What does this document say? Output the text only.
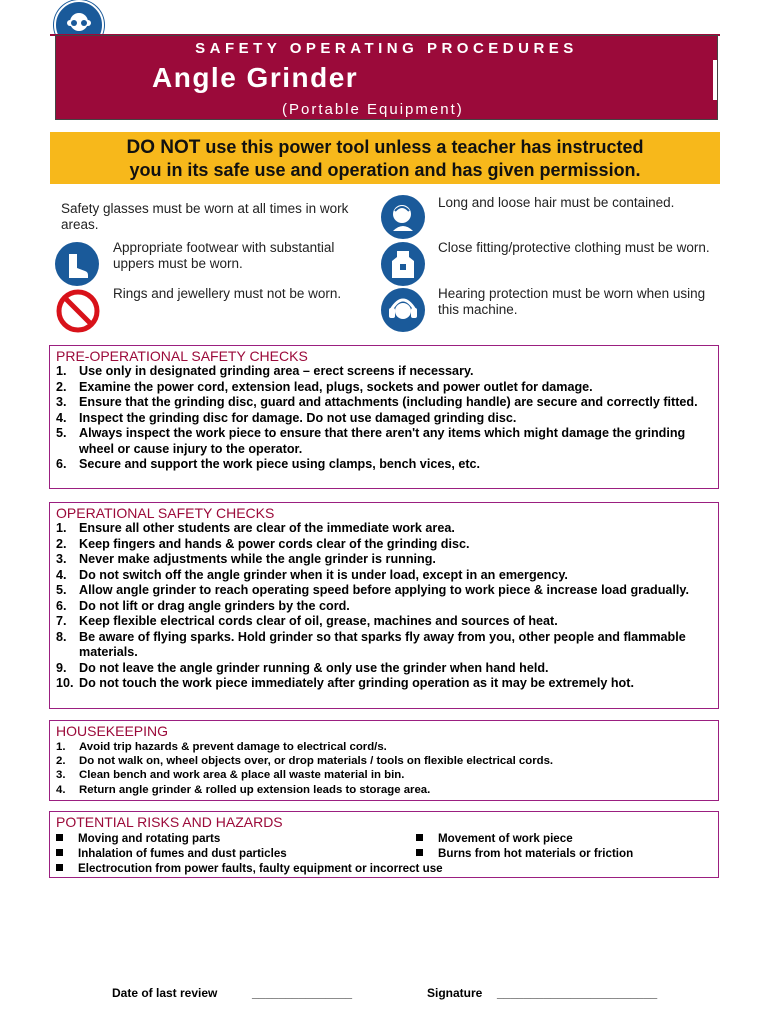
SAFETY OPERATING PROCEDURES
Angle Grinder
(Portable Equipment)
DO NOT use this power tool unless a teacher has instructed
you in its safe use and operation and has given permission.
Safety glasses must be worn at all times in work areas.
Appropriate footwear with substantial uppers must be worn.
Rings and jewellery must not be worn.
Long and loose hair must be contained.
Close fitting/protective clothing must be worn.
Hearing protection must be worn when using this machine.
PRE-OPERATIONAL SAFETY CHECKS
1. Use only in designated grinding area – erect screens if necessary.
2. Examine the power cord, extension lead, plugs, sockets and power outlet for damage.
3. Ensure that the grinding disc, guard and attachments (including handle) are secure and correctly fitted.
4. Inspect the grinding disc for damage. Do not use damaged grinding disc.
5. Always inspect the work piece to ensure that there aren't any items which might damage the grinding wheel or cause injury to the operator.
6. Secure and support the work piece using clamps, bench vices, etc.
OPERATIONAL SAFETY CHECKS
1. Ensure all other students are clear of the immediate work area.
2. Keep fingers and hands & power cords clear of the grinding disc.
3. Never make adjustments while the angle grinder is running.
4. Do not switch off the angle grinder when it is under load, except in an emergency.
5. Allow angle grinder to reach operating speed before applying to work piece & increase load gradually.
6. Do not lift or drag angle grinders by the cord.
7. Keep flexible electrical cords clear of oil, grease, machines and sources of heat.
8. Be aware of flying sparks. Hold grinder so that sparks fly away from you, other people and flammable materials.
9. Do not leave the angle grinder running & only use the grinder when hand held.
10. Do not touch the work piece immediately after grinding operation as it may be extremely hot.
HOUSEKEEPING
1. Avoid trip hazards & prevent damage to electrical cord/s.
2. Do not walk on, wheel objects over, or drop materials / tools on flexible electrical cords.
3. Clean bench and work area & place all waste material in bin.
4. Return angle grinder & rolled up extension leads to storage area.
POTENTIAL RISKS AND HAZARDS
Moving and rotating parts	Movement of work piece
Inhalation of fumes and dust particles	Burns from hot materials or friction
Electrocution from power faults, faulty equipment or incorrect use
Date of last review	_______________	Signature ________________________
